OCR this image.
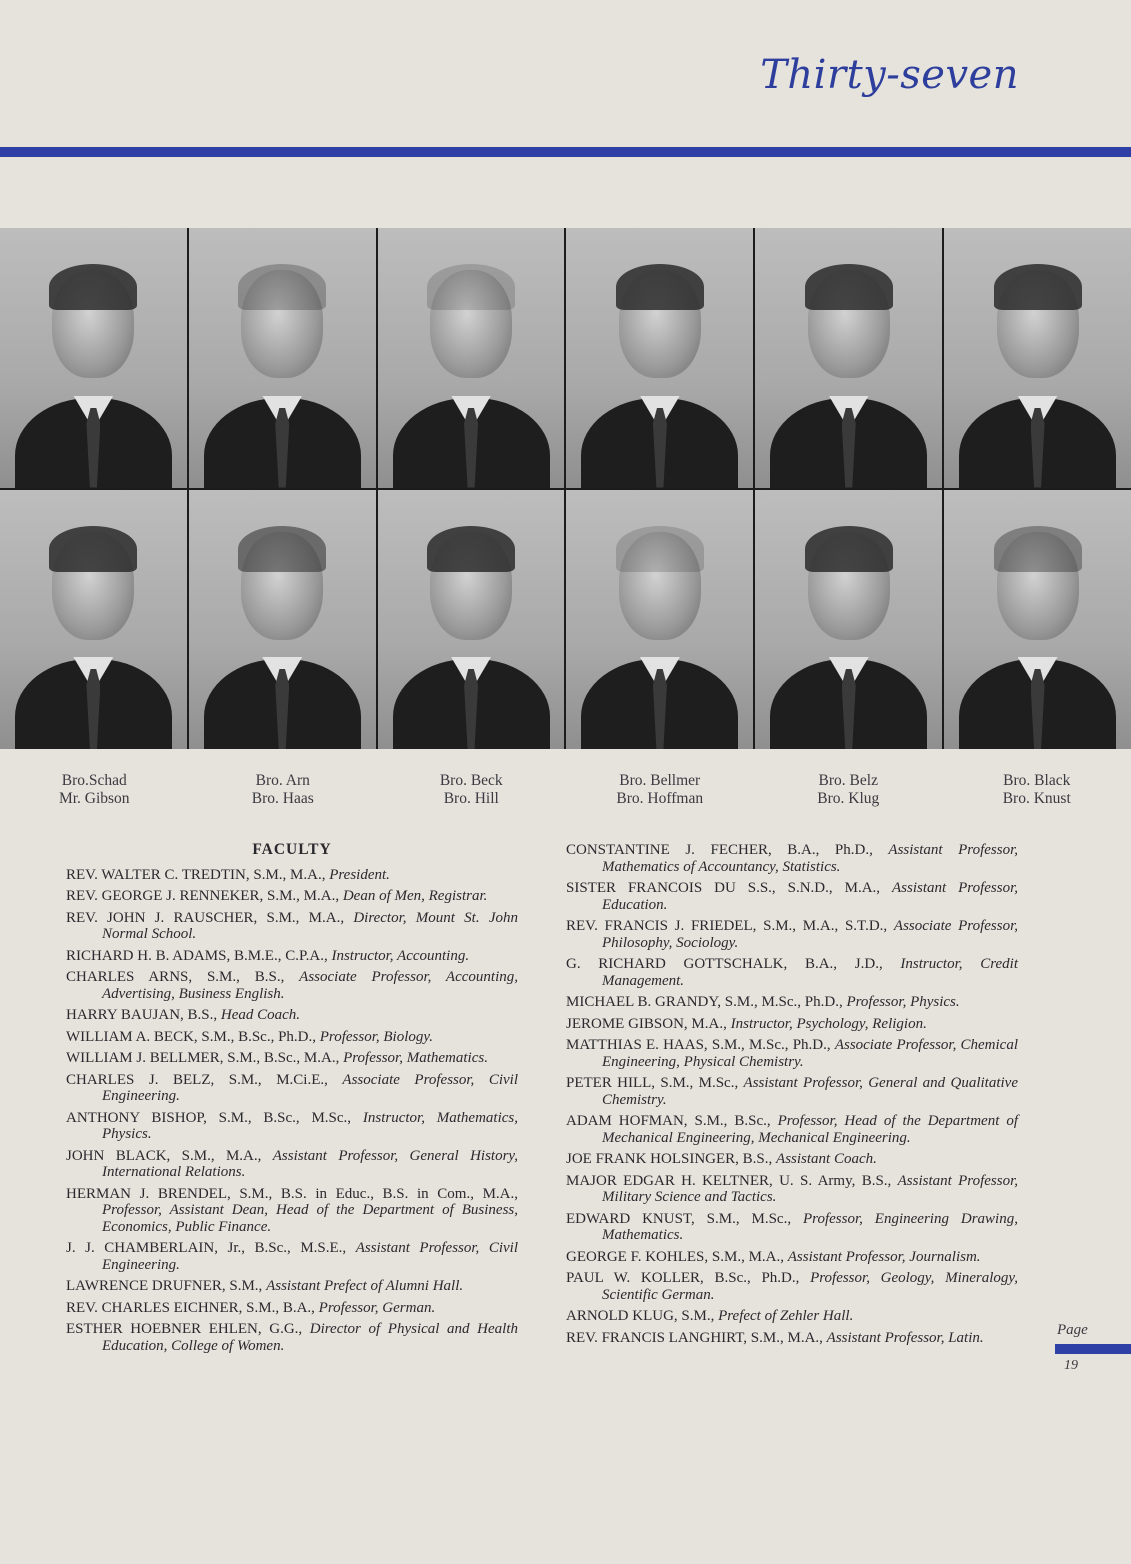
Thirty-seven
Bro.Schad
Mr. Gibson
Bro. Arn
Bro. Haas
Bro. Beck
Bro. Hill
Bro. Bellmer
Bro. Hoffman
Bro. Belz
Bro. Klug
Bro. Black
Bro. Knust
FACULTY
REV. WALTER C. TREDTIN, S.M., M.A., President.
REV. GEORGE J. RENNEKER, S.M., M.A., Dean of Men, Registrar.
REV. JOHN J. RAUSCHER, S.M., M.A., Director, Mount St. John Normal School.
RICHARD H. B. ADAMS, B.M.E., C.P.A., Instructor, Accounting.
CHARLES ARNS, S.M., B.S., Associate Professor, Accounting, Advertising, Business English.
HARRY BAUJAN, B.S., Head Coach.
WILLIAM A. BECK, S.M., B.Sc., Ph.D., Professor, Biology.
WILLIAM J. BELLMER, S.M., B.Sc., M.A., Professor, Mathematics.
CHARLES J. BELZ, S.M., M.Ci.E., Associate Professor, Civil Engineering.
ANTHONY BISHOP, S.M., B.Sc., M.Sc., Instructor, Mathematics, Physics.
JOHN BLACK, S.M., M.A., Assistant Professor, General History, International Relations.
HERMAN J. BRENDEL, S.M., B.S. in Educ., B.S. in Com., M.A., Professor, Assistant Dean, Head of the Department of Business, Economics, Public Finance.
J. J. CHAMBERLAIN, Jr., B.Sc., M.S.E., Assistant Professor, Civil Engineering.
LAWRENCE DRUFNER, S.M., Assistant Prefect of Alumni Hall.
REV. CHARLES EICHNER, S.M., B.A., Professor, German.
ESTHER HOEBNER EHLEN, G.G., Director of Physical and Health Education, College of Women.
CONSTANTINE J. FECHER, B.A., Ph.D., Assistant Professor, Mathematics of Accountancy, Statistics.
SISTER FRANCOIS DU S.S., S.N.D., M.A., Assistant Professor, Education.
REV. FRANCIS J. FRIEDEL, S.M., M.A., S.T.D., Associate Professor, Philosophy, Sociology.
G. RICHARD GOTTSCHALK, B.A., J.D., Instructor, Credit Management.
MICHAEL B. GRANDY, S.M., M.Sc., Ph.D., Professor, Physics.
JEROME GIBSON, M.A., Instructor, Psychology, Religion.
MATTHIAS E. HAAS, S.M., M.Sc., Ph.D., Associate Professor, Chemical Engineering, Physical Chemistry.
PETER HILL, S.M., M.Sc., Assistant Professor, General and Qualitative Chemistry.
ADAM HOFMAN, S.M., B.Sc., Professor, Head of the Department of Mechanical Engineering, Mechanical Engineering.
JOE FRANK HOLSINGER, B.S., Assistant Coach.
MAJOR EDGAR H. KELTNER, U. S. Army, B.S., Assistant Professor, Military Science and Tactics.
EDWARD KNUST, S.M., M.Sc., Professor, Engineering Drawing, Mathematics.
GEORGE F. KOHLES, S.M., M.A., Assistant Professor, Journalism.
PAUL W. KOLLER, B.Sc., Ph.D., Professor, Geology, Mineralogy, Scientific German.
ARNOLD KLUG, S.M., Prefect of Zehler Hall.
REV. FRANCIS LANGHIRT, S.M., M.A., Assistant Professor, Latin.	Page
19
